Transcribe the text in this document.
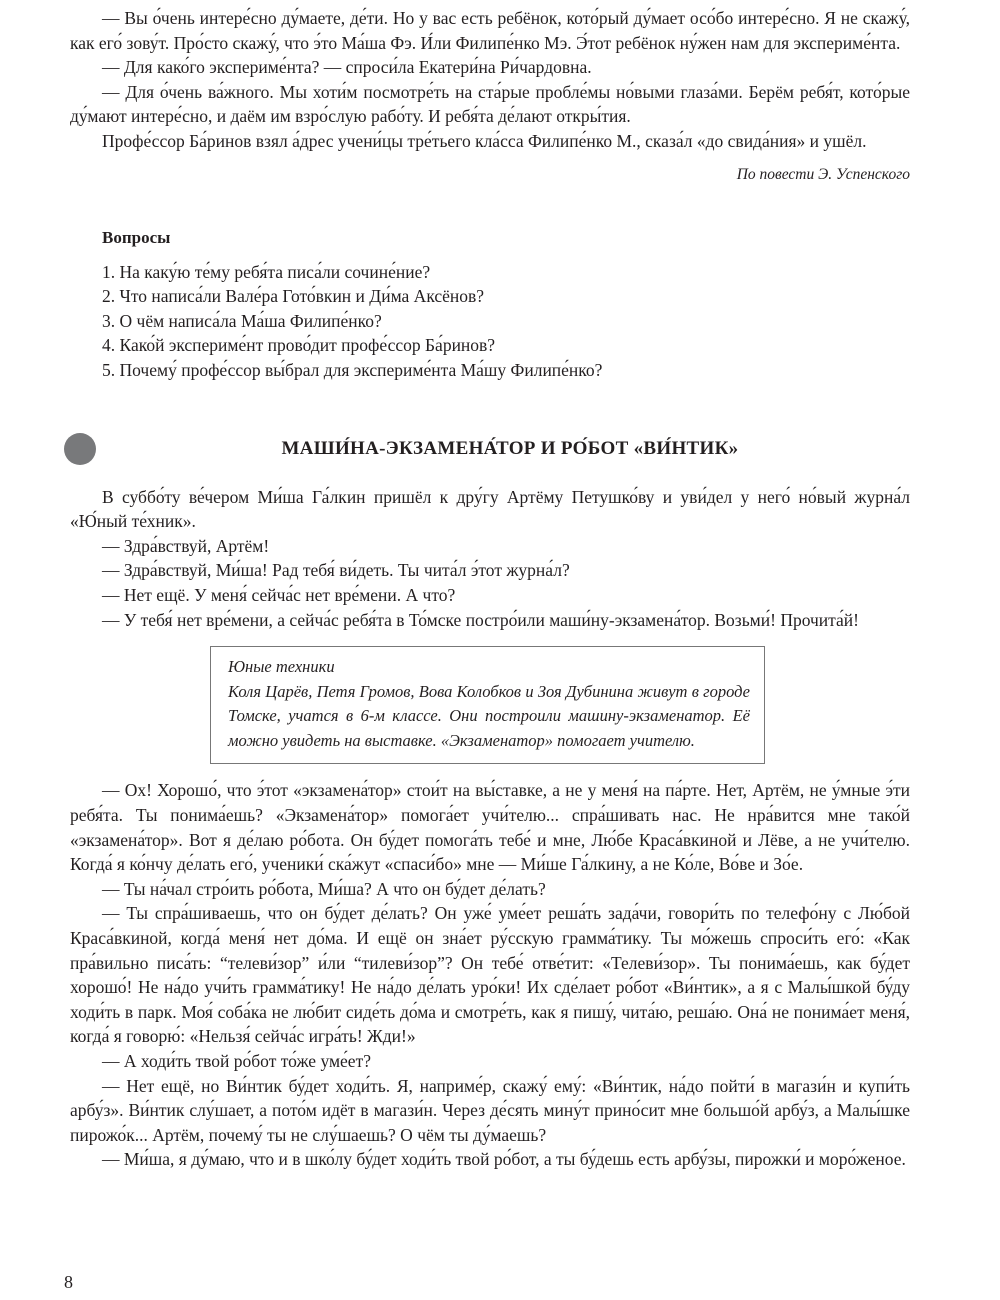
— Вы о́чень интере́сно ду́маете, де́ти. Но у вас есть ребёнок, кото́рый ду́мает осо́бо интере́сно. Я не скажу́, как его́ зову́т. Про́сто скажу́, что э́то Ма́ша Фэ. И́ли Филипе́нко Мэ. Э́тот ребёнок ну́жен нам для экспериме́нта.

— Для како́го экспериме́нта? — спроси́ла Екатери́на Ри́чардовна.

— Для о́чень ва́жного. Мы хоти́м посмотре́ть на ста́рые пробле́мы но́выми глаза́ми. Берём ребя́т, кото́рые ду́мают интере́сно, и даём им взро́слую рабо́ту. И ребя́та де́лают откры́тия.

Профе́ссор Ба́ринов взял а́дрес учени́цы тре́тьего кла́сса Филипе́нко М., сказа́л «до свида́ния» и ушёл.

По повести Э. Успенского

Вопросы
1. На каку́ю те́му ребя́та писа́ли сочине́ние?
2. Что написа́ли Вале́ра Гото́вкин и Ди́ма Аксёнов?
3. О чём написа́ла Ма́ша Филипе́нко?
4. Како́й экспериме́нт прово́дит профе́ссор Ба́ринов?
5. Почему́ профе́ссор вы́брал для экспериме́нта Ма́шу Филипе́нко?
МАШИ́НА-ЭКЗАМЕНА́ТОР И РО́БОТ «ВИ́НТИК»

В суббо́ту ве́чером Ми́ша Га́лкин пришёл к дру́гу Артёму Петушко́ву и уви́дел у него́ но́вый журна́л «Ю́ный те́хник».

— Здра́вствуй, Артём!

— Здра́вствуй, Ми́ша! Рад тебя́ ви́деть. Ты чита́л э́тот журна́л?

— Нет ещё. У меня́ сейча́с нет вре́мени. А что?

— У тебя́ нет вре́мени, а сейча́с ребя́та в То́мске постро́или маши́ну-экзамена́тор. Возьми́! Прочита́й!

Юные техники

Коля Царёв, Петя Громов, Вова Колобков и Зоя Дубинина живут в городе Томске, учатся в 6-м классе. Они построили машину-экзаменатор. Её можно увидеть на выставке. «Экзаменатор» помогает учителю.

— Ох! Хорошо́, что э́тот «экзамена́тор» стои́т на вы́ставке, а не у меня́ на па́рте. Нет, Артём, не у́мные э́ти ребя́та. Ты понима́ешь? «Экзамена́тор» помога́ет учи́телю... спра́шивать нас. Не нра́вится мне тако́й «экзамена́тор». Вот я де́лаю ро́бота. Он бу́дет помога́ть тебе́ и мне, Лю́бе Краса́вкиной и Лёве, а не учи́телю. Когда́ я ко́нчу де́лать его́, ученики́ ска́жут «спаси́бо» мне — Ми́ше Га́лкину, а не Ко́ле, Во́ве и Зо́е.

— Ты на́чал стро́ить ро́бота, Ми́ша? А что он бу́дет де́лать?

— Ты спра́шиваешь, что он бу́дет де́лать? Он уже́ уме́ет реша́ть зада́чи, говори́ть по телефо́ну с Лю́бой Краса́вкиной, когда́ меня́ нет до́ма. И ещё он зна́ет ру́сскую грамма́тику. Ты мо́жешь спроси́ть его́: «Как пра́вильно писа́ть: “телеви́зор” и́ли “тилеви́зор”? Он тебе́ отве́тит: «Телеви́зор». Ты понима́ешь, как бу́дет хорошо́! Не на́до учи́ть грамма́тику! Не на́до де́лать уро́ки! Их сде́лает ро́бот «Ви́нтик», а я с Малы́шкой бу́ду ходи́ть в парк. Моя́ соба́ка не лю́бит сиде́ть до́ма и смотре́ть, как я пишу́, чита́ю, реша́ю. Она́ не понима́ет меня́, когда́ я говорю́: «Нельзя́ сейча́с игра́ть! Жди!»

— А ходи́ть твой ро́бот то́же уме́ет?

— Нет ещё, но Ви́нтик бу́дет ходи́ть. Я, наприме́р, скажу́ ему́: «Ви́нтик, на́до пойти́ в магази́н и купи́ть арбу́з». Ви́нтик слу́шает, а пото́м идёт в магази́н. Через де́сять мину́т прино́сит мне большо́й арбу́з, а Малы́шке пирожо́к... Артём, почему́ ты не слу́шаешь? О чём ты ду́маешь?

— Ми́ша, я ду́маю, что и в шко́лу бу́дет ходи́ть твой ро́бот, а ты бу́дешь есть арбу́зы, пирожки́ и моро́женое.

8
